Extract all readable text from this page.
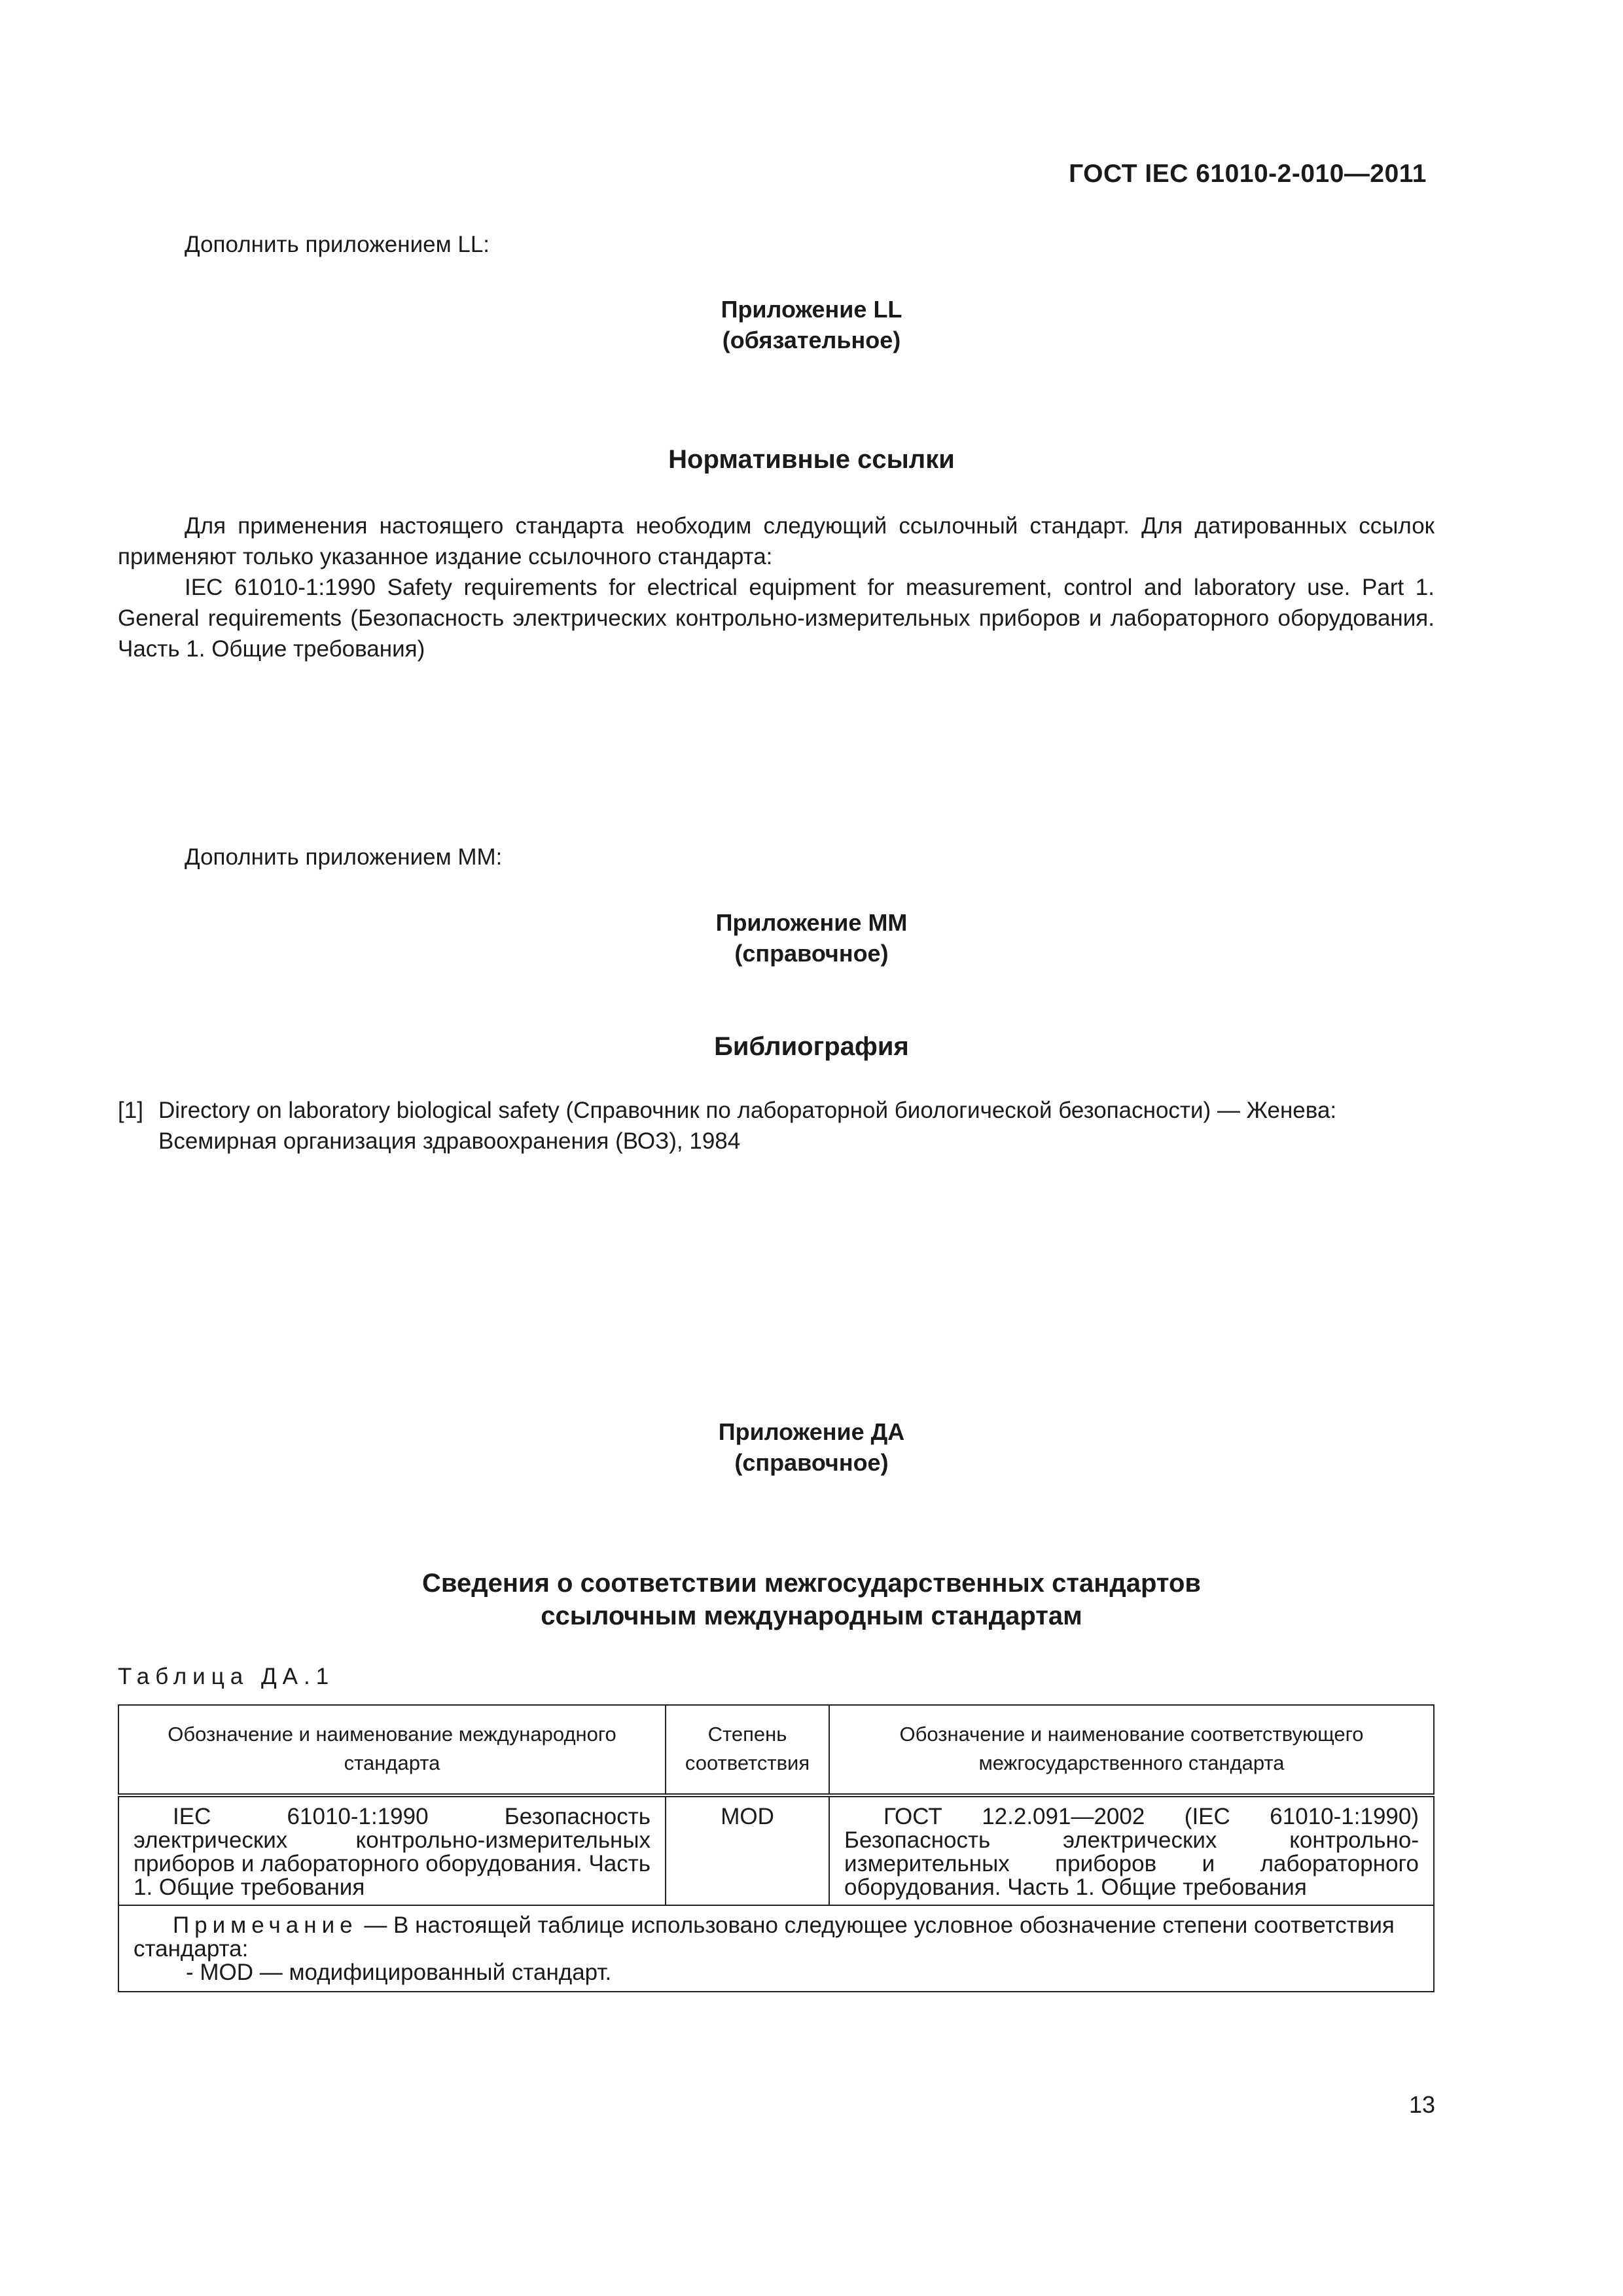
ГОСТ IEC 61010-2-010—2011
Дополнить приложением LL:
Приложение LL
(обязательное)
Нормативные ссылки

Для применения настоящего стандарта необходим следующий ссылочный стандарт. Для датированных ссылок применяют только указанное издание ссылочного стандарта:

IEC 61010-1:1990 Safety requirements for electrical equipment for measurement, control and laboratory use. Part 1. General requirements (Безопасность электрических контрольно-измерительных приборов и лабораторного оборудования. Часть 1. Общие требования)

Дополнить приложением MM:
Приложение MM
(справочное)
Библиография
[1] Directory on laboratory biological safety (Справочник по лабораторной биологической безопасности) — Женева: Всемирная организация здравоохранения (ВОЗ), 1984
Приложение ДА
(справочное)
Сведения о соответствии межгосударственных стандартов
ссылочным международным стандартам
Таблица ДА.1
Обозначение и наименование международного стандарта	Степень соответствия	Обозначение и наименование соответствующего межгосударственного стандарта

IEC 61010-1:1990 Безопасность электрических контрольно-измерительных приборов и лабораторного оборудования. Часть 1. Общие требования	MOD	ГОСТ 12.2.091—2002 (IEC 61010-1:1990) Безопасность электрических контрольно-измерительных приборов и лабораторного оборудования. Часть 1. Общие требования

Примечание — В настоящей таблице использовано следующее условное обозначение степени соответствия стандарта:
- MOD — модифицированный стандарт.		
13
